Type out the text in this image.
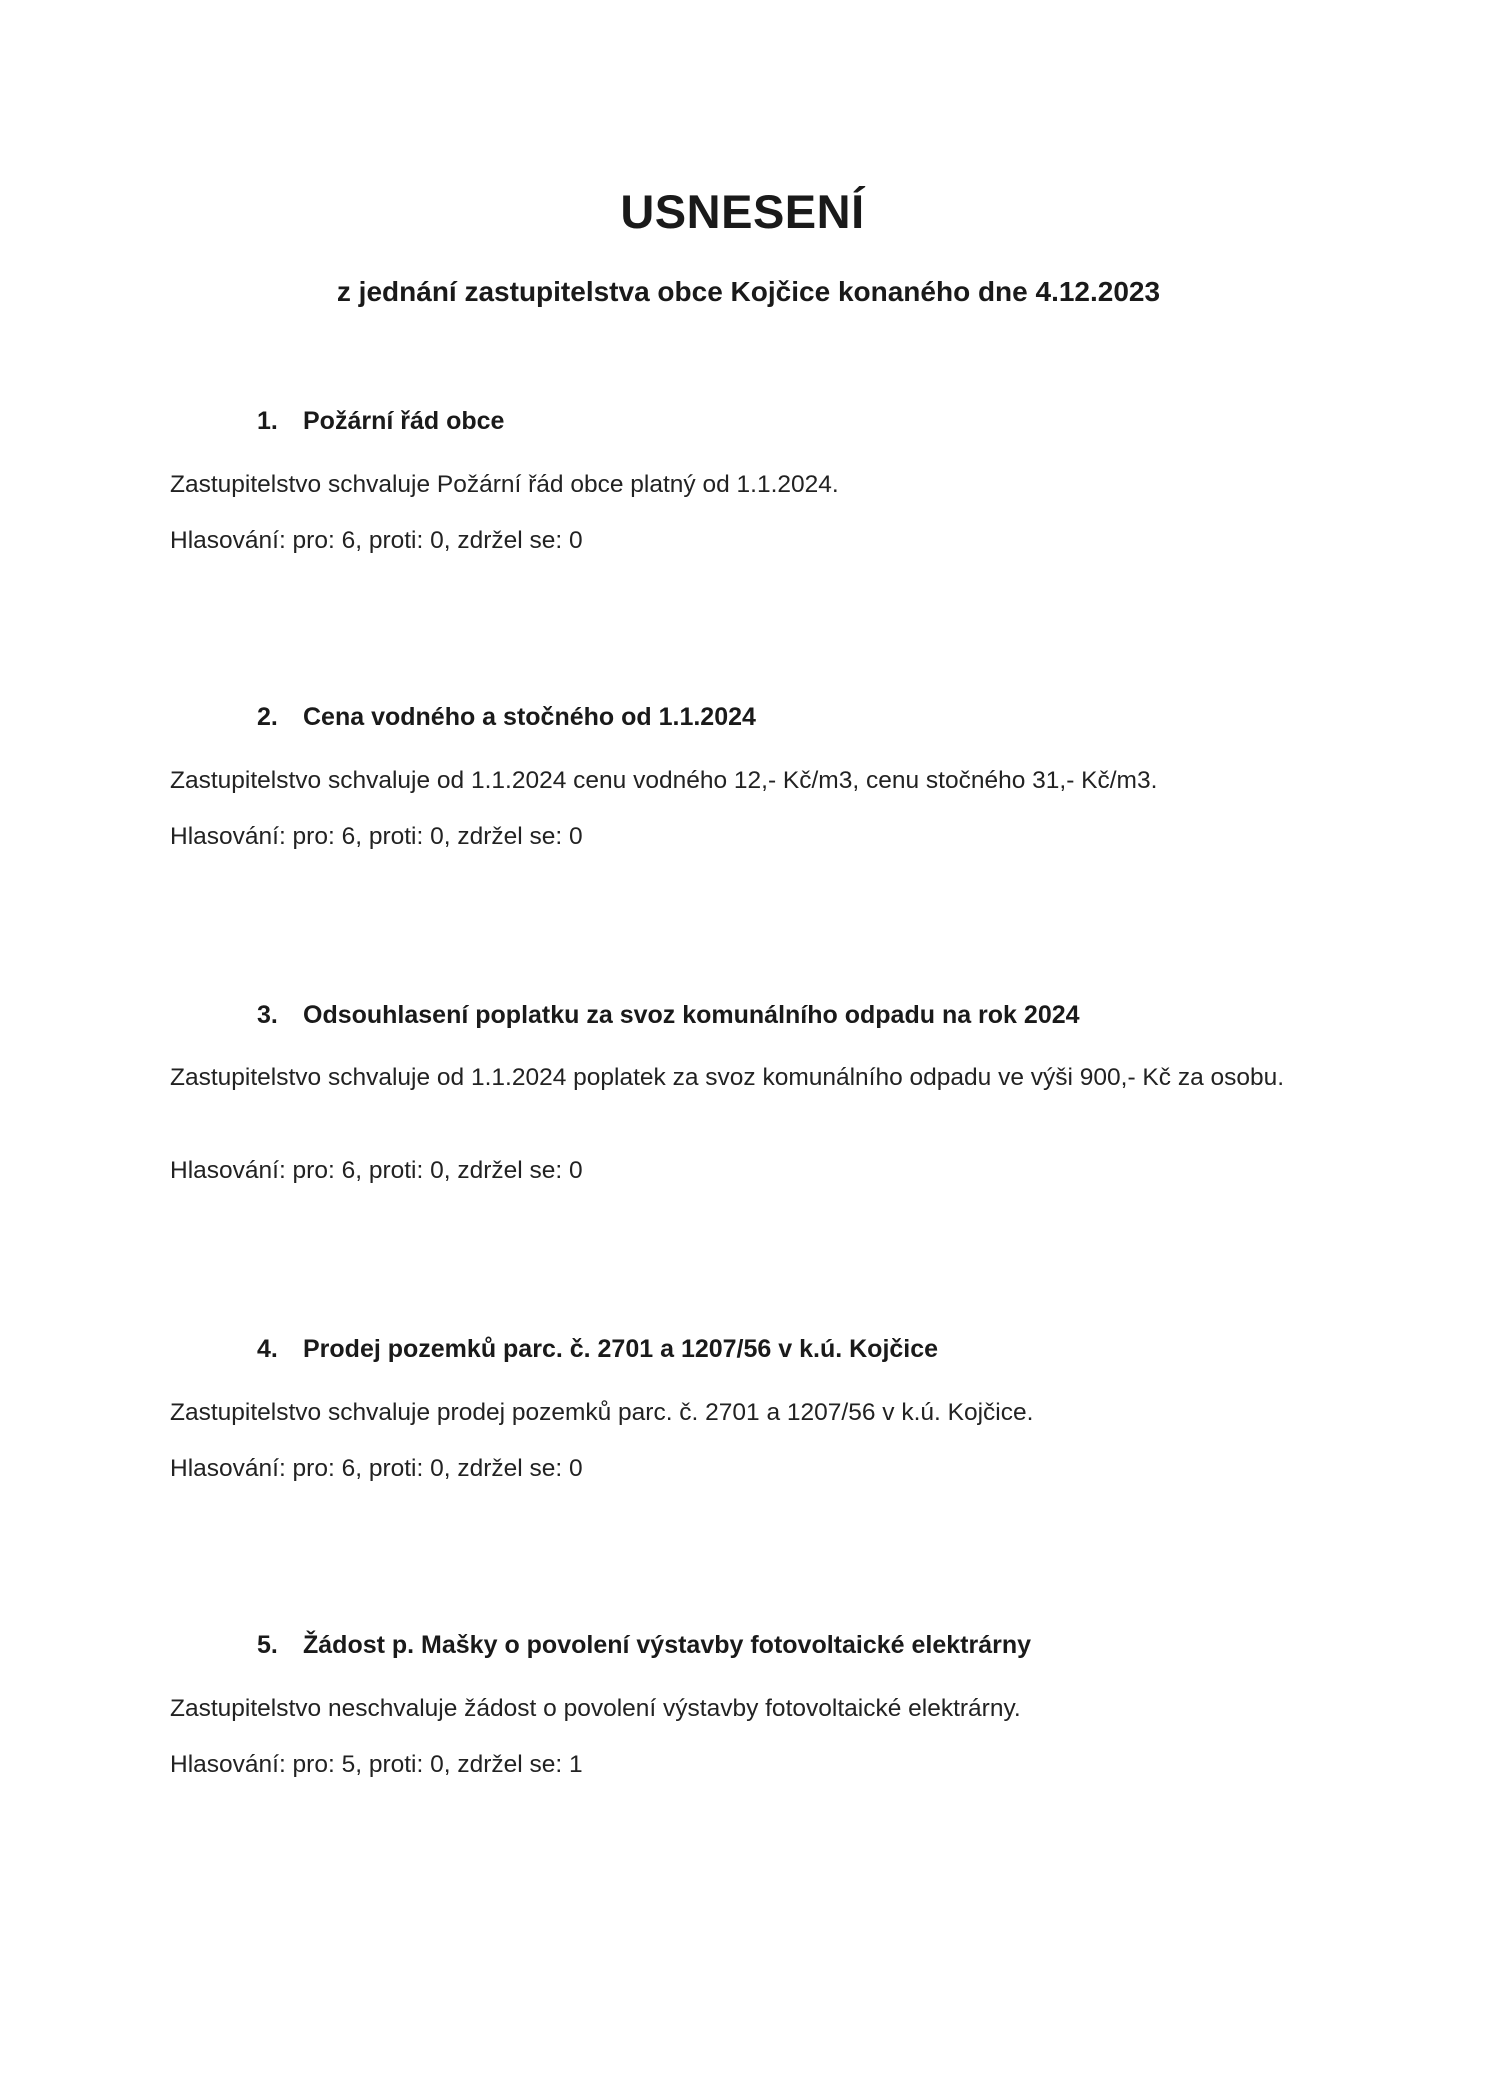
USNESENÍ
z jednání zastupitelstva obce Kojčice konaného dne 4.12.2023
1. Požární řád obce
Zastupitelstvo schvaluje Požární řád obce platný od 1.1.2024.
Hlasování: pro: 6, proti: 0, zdržel se: 0
2. Cena vodného a stočného od 1.1.2024
Zastupitelstvo schvaluje od 1.1.2024 cenu vodného 12,- Kč/m3, cenu stočného 31,- Kč/m3.
Hlasování: pro: 6, proti: 0, zdržel se: 0
3. Odsouhlasení poplatku za svoz komunálního odpadu na rok 2024
Zastupitelstvo schvaluje od 1.1.2024 poplatek za svoz komunálního odpadu ve výši 900,- Kč za osobu.
Hlasování: pro: 6, proti: 0, zdržel se: 0
4. Prodej pozemků parc. č. 2701 a 1207/56 v k.ú. Kojčice
Zastupitelstvo schvaluje prodej pozemků parc. č. 2701 a 1207/56 v k.ú. Kojčice.
Hlasování: pro: 6, proti: 0, zdržel se: 0
5. Žádost p. Mašky o povolení výstavby fotovoltaické elektrárny
Zastupitelstvo neschvaluje žádost o povolení výstavby fotovoltaické elektrárny.
Hlasování: pro: 5, proti: 0, zdržel se: 1
